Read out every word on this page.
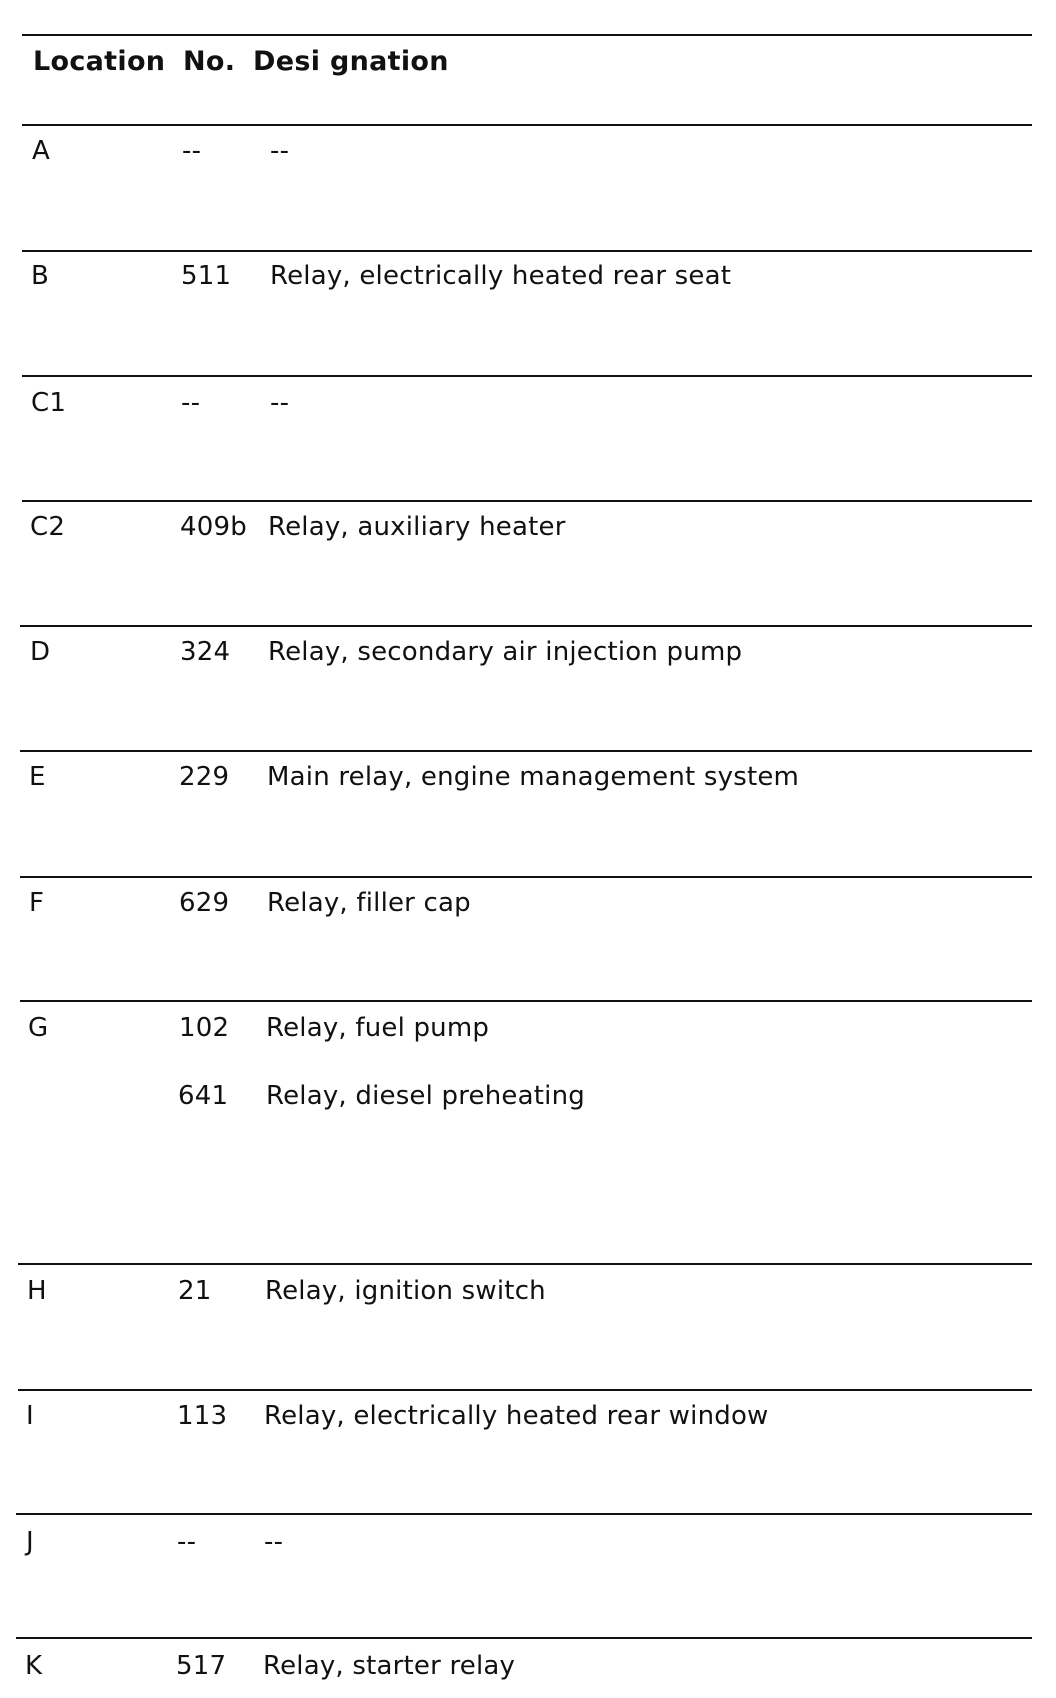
Location No. Desi gnation
A	--	--
B	511 Relay, electrically heated rear seat
C1	--	--
C2	409b Relay, auxiliary heater
D	324 Relay, secondary air injection pump
E	229 Main relay, engine management system
F	629 Relay, filler cap
G	102 Relay, fuel pump
641 Relay, diesel preheating
H	21 Relay, ignition switch
I	113 Relay, electrically heated rear window
J	--	--
K	517 Relay, starter relay
